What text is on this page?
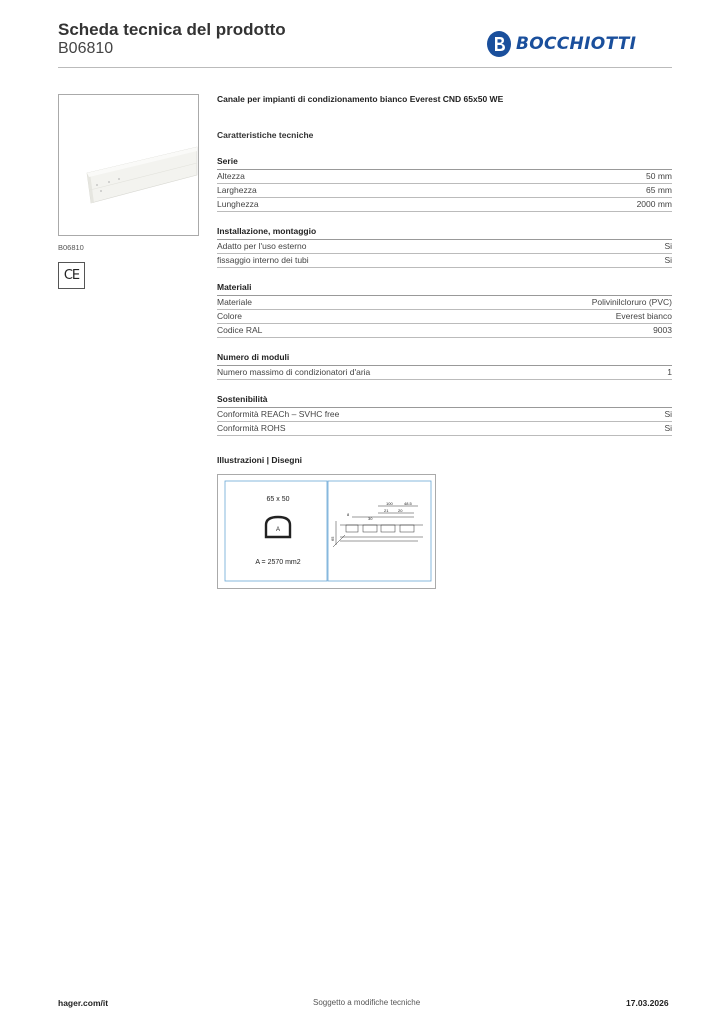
Scheda tecnica del prodotto
B06810	BOCCHIOTTI
B06810
CE
Canale per impianti di condizionamento bianco Everest CND 65x50 WE
Caratteristiche tecniche
Serie
Altezza	50 mm
Larghezza	65 mm
Lunghezza	2000 mm
Installazione, montaggio
Adatto per l'uso esterno	Si
fissaggio interno dei tubi	Si
Materiali
Materiale	Polivinilcloruro (PVC)
Colore	Everest bianco
Codice RAL	9003
Numero di moduli
Numero massimo di condizionatori d'aria	1
Sostenibilità
Conformità REACh – SVHC free	Si
Conformità ROHS	Si
Illustrazioni | Disegni
65 x 50
A
A = 2570 mm2
100	48.5
21 20
8
30
65
hager.com/it	Soggetto a modifiche tecniche	17.03.2026
